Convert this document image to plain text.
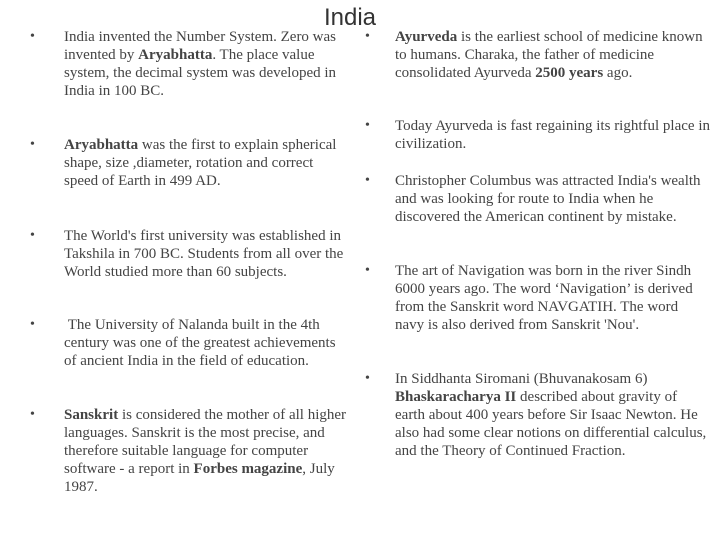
India
• India invented the Number System. Zero was invented by Aryabhatta. The place value system, the decimal system was developed in India in 100 BC.
• Aryabhatta was the first to explain spherical shape, size ,diameter, rotation and correct speed of Earth in 499 AD.
• The World's first university was established in Takshila in 700 BC. Students from all over the World studied more than 60 subjects.
• The University of Nalanda built in the 4th century was one of the greatest achievements of ancient India in the field of education.
• Sanskrit is considered the mother of all higher languages. Sanskrit is the most precise, and therefore suitable language for computer software - a report in Forbes magazine, July 1987.
• Ayurveda is the earliest school of medicine known to humans. Charaka, the father of medicine consolidated Ayurveda 2500 years ago.
• Today Ayurveda is fast regaining its rightful place in civilization.
• Christopher Columbus was attracted India's wealth and was looking for route to India when he discovered the American continent by mistake.
• The art of Navigation was born in the river Sindh 6000 years ago. The word ‘Navigation’ is derived from the Sanskrit word NAVGATIH. The word navy is also derived from Sanskrit 'Nou'.
• In Siddhanta Siromani (Bhuvanakosam 6) Bhaskaracharya II described about gravity of earth about 400 years before Sir Isaac Newton. He also had some clear notions on differential calculus, and the Theory of Continued Fraction.
